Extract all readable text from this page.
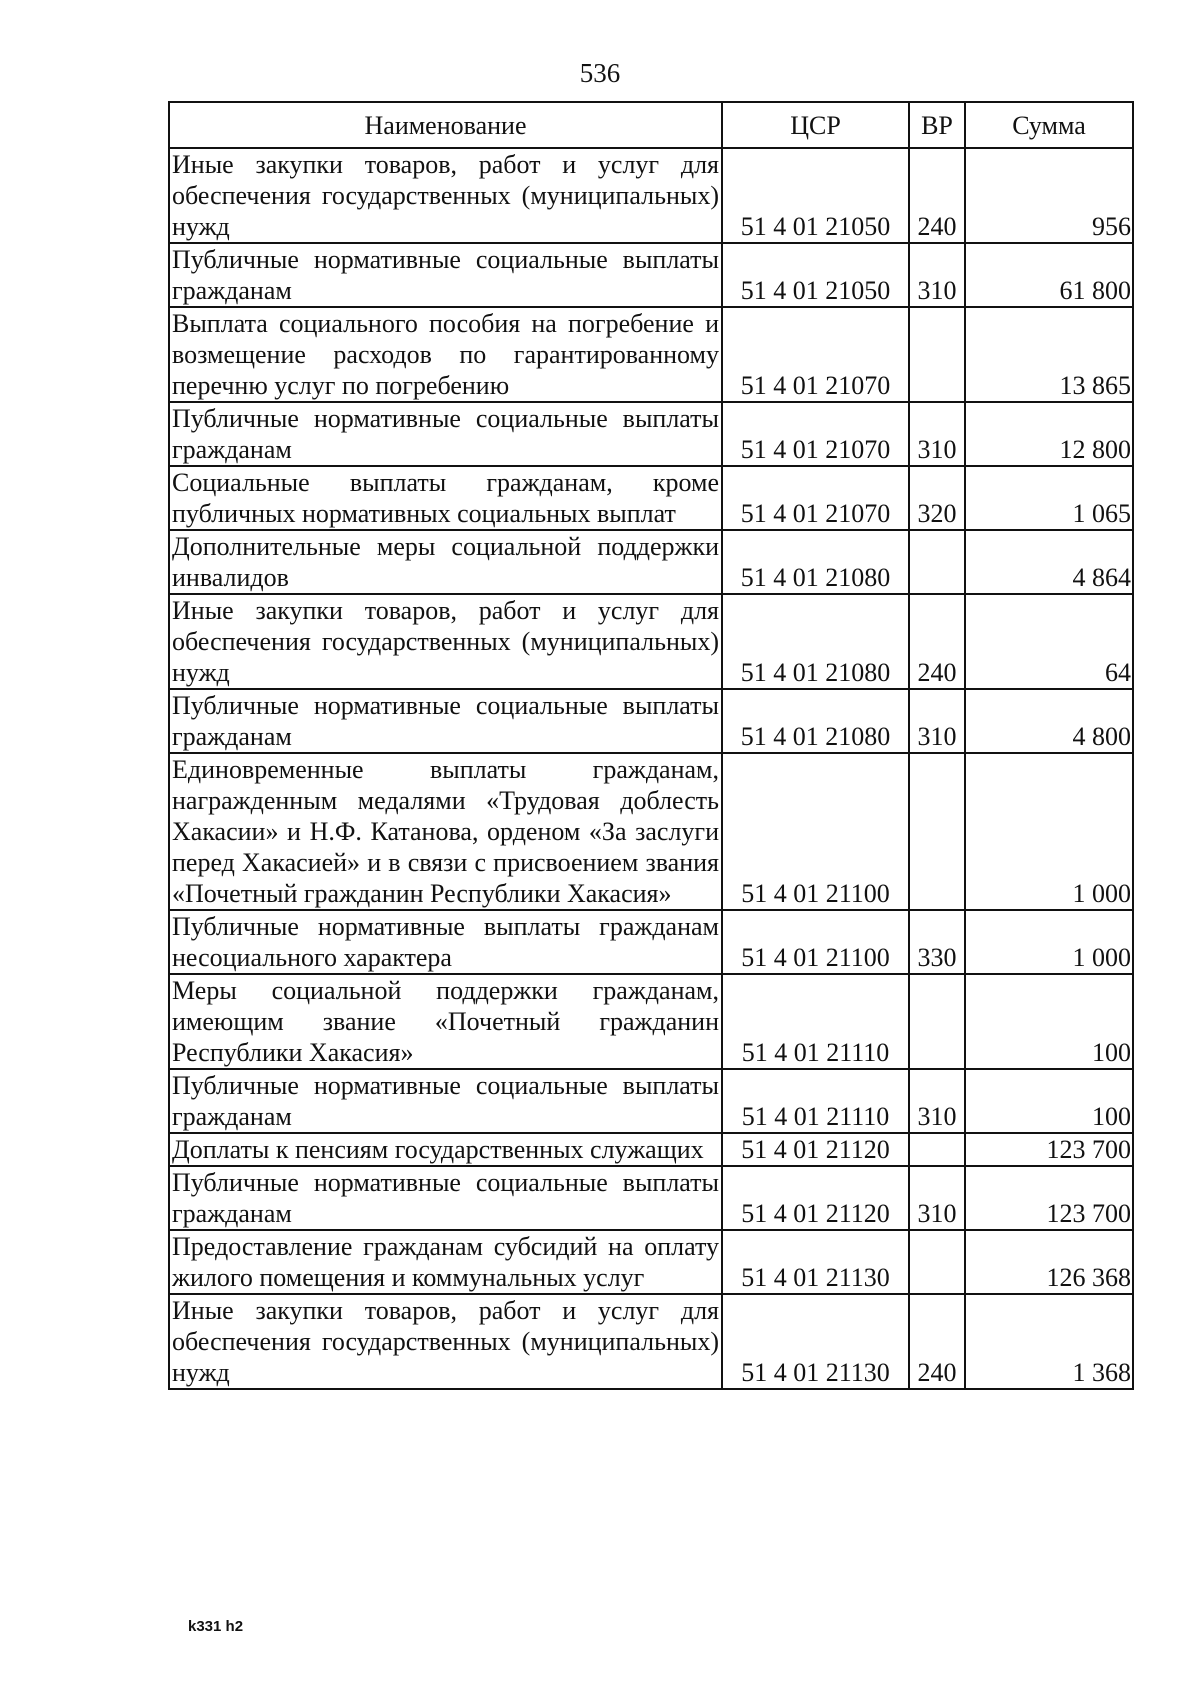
536
Наименование	ЦСР	ВР	Сумма
Иные закупки товаров, работ и услуг для обеспечения государственных (муниципальных) нужд	51 4 01 21050	240	956
Публичные нормативные социальные выплаты гражданам	51 4 01 21050	310	61 800
Выплата социального пособия на погребение и возмещение расходов по гарантированному перечню услуг по погребению	51 4 01 21070		13 865
Публичные нормативные социальные выплаты гражданам	51 4 01 21070	310	12 800
Социальные выплаты гражданам, кроме публичных нормативных социальных выплат	51 4 01 21070	320	1 065
Дополнительные меры социальной поддержки инвалидов	51 4 01 21080		4 864
Иные закупки товаров, работ и услуг для обеспечения государственных (муниципальных) нужд	51 4 01 21080	240	64
Публичные нормативные социальные выплаты гражданам	51 4 01 21080	310	4 800
Единовременные выплаты гражданам, награжденным медалями «Трудовая доблесть Хакасии» и Н.Ф. Катанова, орденом «За заслуги перед Хакасией» и в связи с присвоением звания «Почетный гражданин Республики Хакасия»	51 4 01 21100		1 000
Публичные нормативные выплаты гражданам несоциального характера	51 4 01 21100	330	1 000
Меры социальной поддержки гражданам, имеющим звание «Почетный гражданин Республики Хакасия»	51 4 01 21110		100
Публичные нормативные социальные выплаты гражданам	51 4 01 21110	310	100
Доплаты к пенсиям государственных служащих	51 4 01 21120		123 700
Публичные нормативные социальные выплаты гражданам	51 4 01 21120	310	123 700
Предоставление гражданам субсидий на оплату жилого помещения и коммунальных услуг	51 4 01 21130		126 368
Иные закупки товаров, работ и услуг для обеспечения государственных (муниципальных) нужд	51 4 01 21130	240	1 368
k331 h2
